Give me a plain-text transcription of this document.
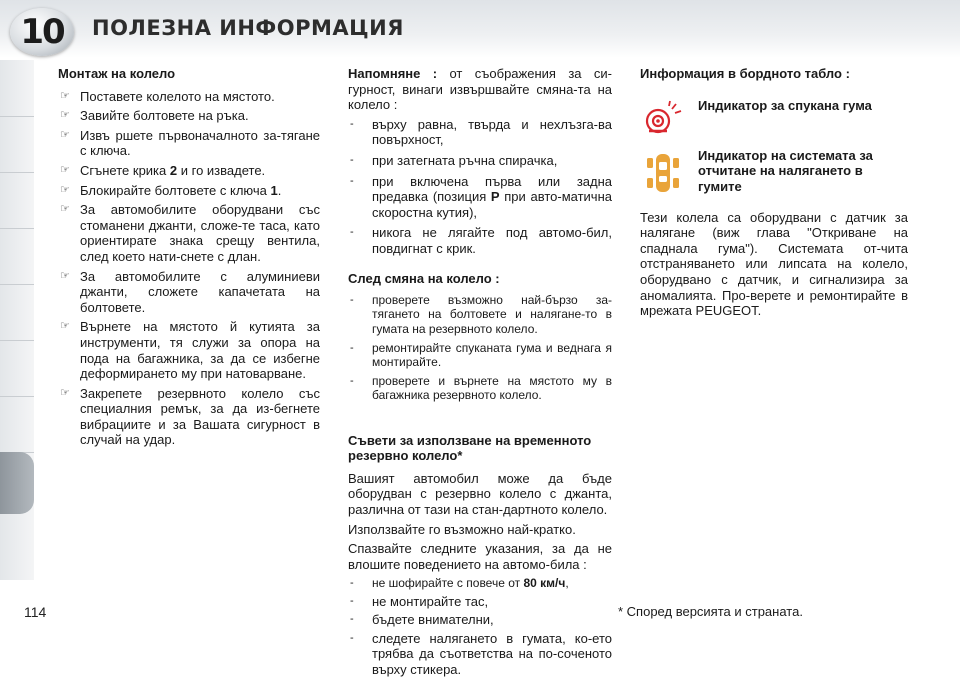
10	ПОЛЕЗНА ИНФОРМАЦИЯ
Монтаж на колело
☞ Поставете колелото на мястото.
☞ Завийте болтовете на ръка.
☞ Извъ ршете първоначалното за-тягане с ключа.
☞ Сгънете крика 2 и го извадете.
☞ Блокирайте болтовете с ключа 1.
☞ За автомобилите оборудвани със стоманени джанти, сложе-те таса, като ориентирате знака срещу вентила, след което нати-снете с длан.
☞ За автомобилите с алуминиеви джанти, сложете капачетата на болтовете.
☞ Върнете на мястото й кутията за инструменти, тя служи за опора на пода на багажника, за да се избегне деформирането му при натоварване.
☞ Закрепете резервното колело със специалния ремък, за да из-бегнете вибрациите и за Вашата сигурност в случай на удар.

Напомняне : от съображения за си-гурност, винаги извършвайте смяна-та на колело :

- върху равна, твърда и нехлъзга-ва повърхност,
- при затегната ръчна спирачка,
- при включена първа или задна предавка (позиция P при авто-матична скоростна кутия),
- никога не лягайте под автомо-бил, повдигнат с крик.
След смяна на колело :
- проверете възможно най-бързо за-тягането на болтовете и налягане-то в гумата на резервното колело.
- ремонтирайте спуканата гума и веднага я монтирайте.
- проверете и върнете на мястото му в багажника резервното колело.
Съвети за използване на временното резервно колело*

Вашият автомобил може да бъде оборудван с резервно колело с джанта, различна от тази на стан-дартното колело.

Използвайте го възможно най-кратко.

Спазвайте следните указания, за да не влошите поведението на автомо-била :

- не шофирайте с повече от 80 км/ч,
- не монтирайте тас,
- бъдете внимателни,
- следете налягането в гумата, ко-ето трябва да съответства на по-соченото върху стикера.
Информация в бордното табло :
Индикатор за спукана гума
Индикатор на системата за отчитане на налягането в гумите

Тези колела са оборудвани с датчик за налягане (виж глава "Откриване на спадналa гума"). Системата от-чита отстраняването или липсата на колело, оборудвано с датчик, и сигнализира за аномалията. Про-верете и ремонтирайте в мрежата PEUGEOT.

114	* Според версията и страната.
